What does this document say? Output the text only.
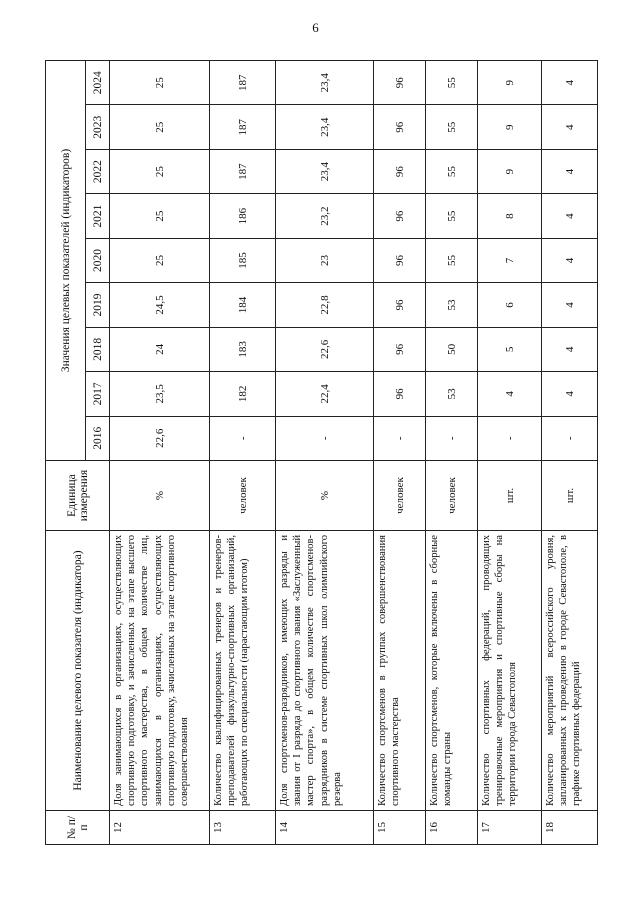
6
№ п/п	Наименование целевого показателя (индикатора)	Единица измерения	Значения целевых показателей (индикаторов)								
			2016	2017	2018	2019	2020	2021	2022	2023	2024
12	Доля занимающихся в организациях, осуществляющих спортивную подготовку, и зачисленных на этапе высшего спортивного мастерства, в общем количестве лиц, занимающихся в организациях, осуществляющих спортивную подготовку, зачисленных на этапе спортивного совершенствования	%	22,6	23,5	24	24,5	25	25	25	25	25
13	Количество квалифицированных тренеров и тренеров-преподавателей физкультурно-спортивных организаций, работающих по специальности (нарастающим итогом)	человек	-	182	183	184	185	186	187	187	187
14	Доля спортсменов-разрядников, имеющих разряды и звания от I разряда до спортивного звания «Заслуженный мастер спорта», в общем количестве спортсменов-разрядников в системе спортивных школ олимпийского резерва	%	-	22,4	22,6	22,8	23	23,2	23,4	23,4	23,4
15	Количество спортсменов в группах совершенствования спортивного мастерства	человек	-	96	96	96	96	96	96	96	96
16	Количество спортсменов, которые включены в сборные команды страны	человек	-	53	50	53	55	55	55	55	55
17	Количество спортивных федераций, проводящих тренировочные мероприятия и спортивные сборы на территории города Севастополя	шт.	-	4	5	6	7	8	9	9	9
18	Количество мероприятий всероссийского уровня, запланированных к проведению в городе Севастополе, в графике спортивных федераций	шт.	-	4	4	4	4	4	4	4	4
